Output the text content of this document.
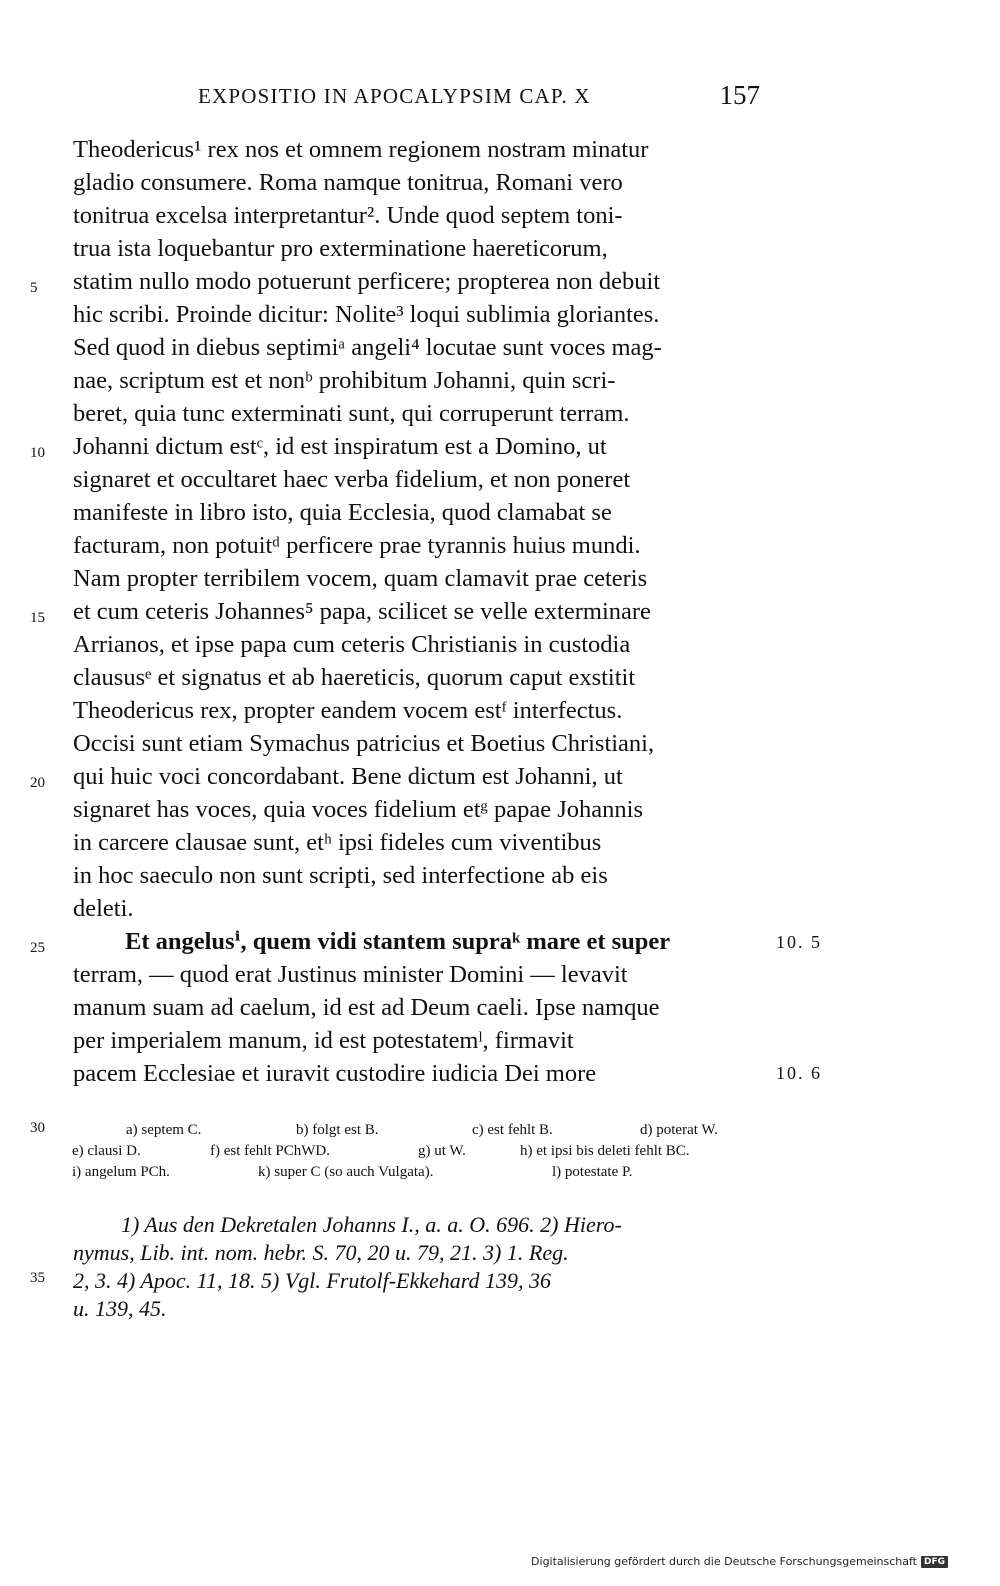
EXPOSITIO IN APOCALYPSIM CAP. X	157
Theodericus¹ rex nos et omnem regionem nostram minatur
gladio consumere. Roma namque tonitrua, Romani vero
tonitrua excelsa interpretantur². Unde quod septem toni-
trua ista loquebantur pro exterminatione haereticorum,
statim nullo modo potuerunt perficere; propterea non debuit
hic scribi. Proinde dicitur: Nolite³ loqui sublimia gloriantes.
Sed quod in diebus septimiᵃ angeli⁴ locutae sunt voces mag-
nae, scriptum est et nonᵇ prohibitum Johanni, quin scri-
beret, quia tunc exterminati sunt, qui corruperunt terram.
Johanni dictum estᶜ, id est inspiratum est a Domino, ut
signaret et occultaret haec verba fidelium, et non poneret
manifeste in libro isto, quia Ecclesia, quod clamabat se
facturam, non potuitᵈ perficere prae tyrannis huius mundi.
Nam propter terribilem vocem, quam clamavit prae ceteris
et cum ceteris Johannes⁵ papa, scilicet se velle exterminare
Arrianos, et ipse papa cum ceteris Christianis in custodia
claususᵉ et signatus et ab haereticis, quorum caput exstitit
Theodericus rex, propter eandem vocem estᶠ interfectus.
Occisi sunt etiam Symachus patricius et Boetius Christiani,
qui huic voci concordabant. Bene dictum est Johanni, ut
signaret has voces, quia voces fidelium etᵍ papae Johannis
in carcere clausae sunt, etʰ ipsi fideles cum viventibus
in hoc saeculo non sunt scripti, sed interfectione ab eis
deleti.
Et angelusⁱ, quem vidi stantem supraᵏ mare et super
terram, — quod erat Justinus minister Domini — levavit
manum suam ad caelum, id est ad Deum caeli. Ipse namque
per imperialem manum, id est potestatemˡ, firmavit
pacem Ecclesiae et iuravit custodire iudicia Dei more
5
10
15
20
25
30
35
10. 5
10. 6
a) septem C.	b) folgt est B.	c) est fehlt B.	d) poterat W.
e) clausi D.	f) est fehlt PChWD.	g) ut W.	h) et ipsi bis deleti fehlt BC.
i) angelum PCh.	k) super C (so auch Vulgata).	l) potestate P.
1) Aus den Dekretalen Johanns I., a. a. O. 696. 2) Hiero-
nymus, Lib. int. nom. hebr. S. 70, 20 u. 79, 21. 3) 1. Reg.
2, 3. 4) Apoc. 11, 18. 5) Vgl. Frutolf-Ekkehard 139, 36
u. 139, 45.
Digitalisierung gefördert durch die Deutsche Forschungsgemeinschaft DFG
